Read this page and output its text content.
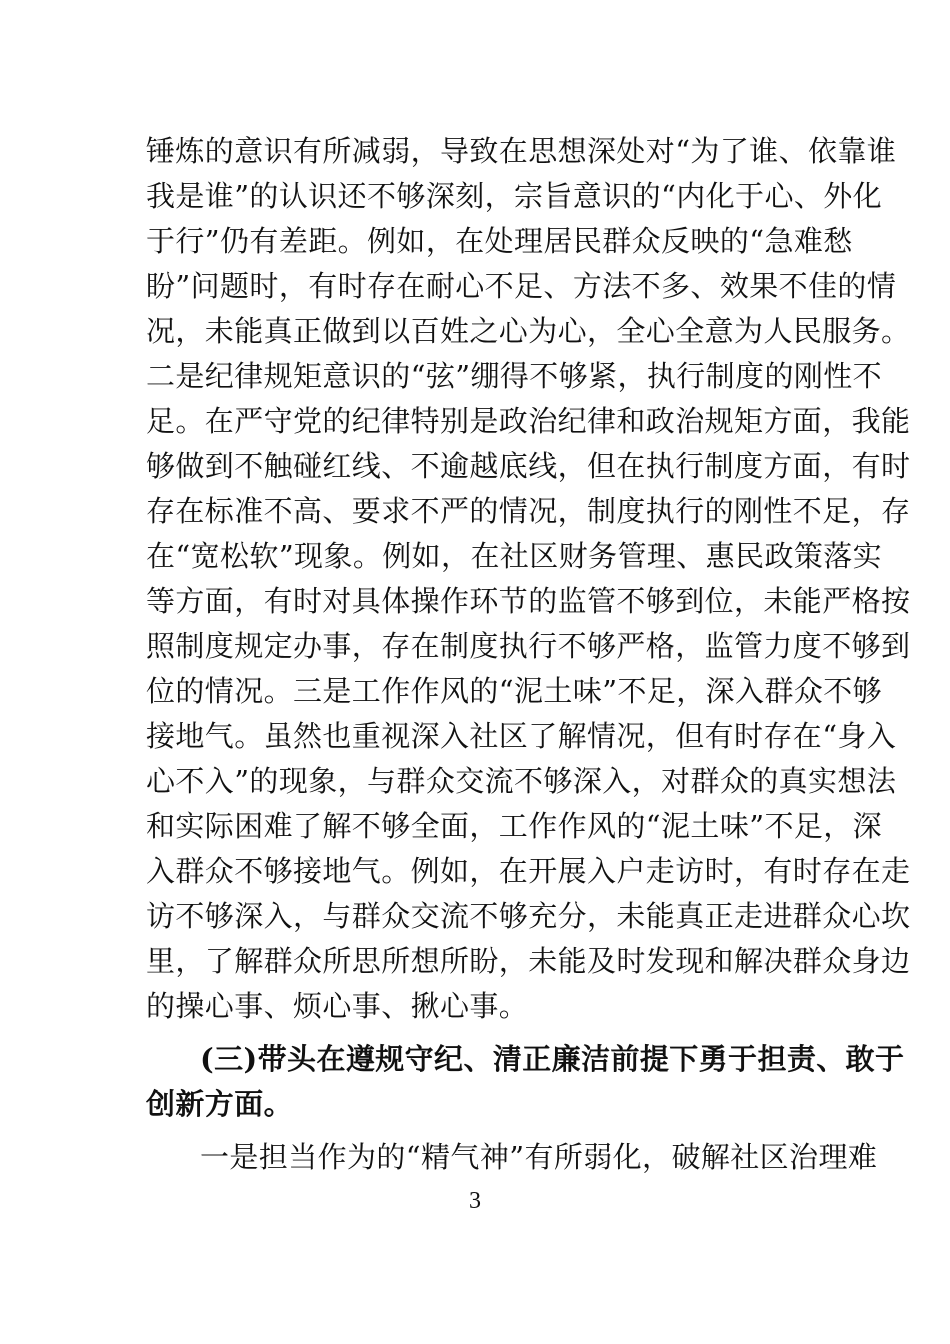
锤炼的意识有所减弱，导致在思想深处对“为了谁、依靠谁
我是谁”的认识还不够深刻，宗旨意识的“内化于心、外化
于行”仍有差距。例如，在处理居民群众反映的“急难愁
盼”问题时，有时存在耐心不足、方法不多、效果不佳的情
况，未能真正做到以百姓之心为心，全心全意为人民服务。
二是纪律规矩意识的“弦”绷得不够紧，执行制度的刚性不
足。在严守党的纪律特别是政治纪律和政治规矩方面，我能
够做到不触碰红线、不逾越底线，但在执行制度方面，有时
存在标准不高、要求不严的情况，制度执行的刚性不足，存
在“宽松软”现象。例如，在社区财务管理、惠民政策落实
等方面，有时对具体操作环节的监管不够到位，未能严格按
照制度规定办事，存在制度执行不够严格，监管力度不够到
位的情况。三是工作作风的“泥土味”不足，深入群众不够
接地气。虽然也重视深入社区了解情况，但有时存在“身入
心不入”的现象，与群众交流不够深入，对群众的真实想法
和实际困难了解不够全面，工作作风的“泥土味”不足，深
入群众不够接地气。例如，在开展入户走访时，有时存在走
访不够深入，与群众交流不够充分，未能真正走进群众心坎
里，了解群众所思所想所盼，未能及时发现和解决群众身边
的操心事、烦心事、揪心事。
(三)带头在遵规守纪、清正廉洁前提下勇于担责、敢于
创新方面。
一是担当作为的“精气神”有所弱化，破解社区治理难
3
